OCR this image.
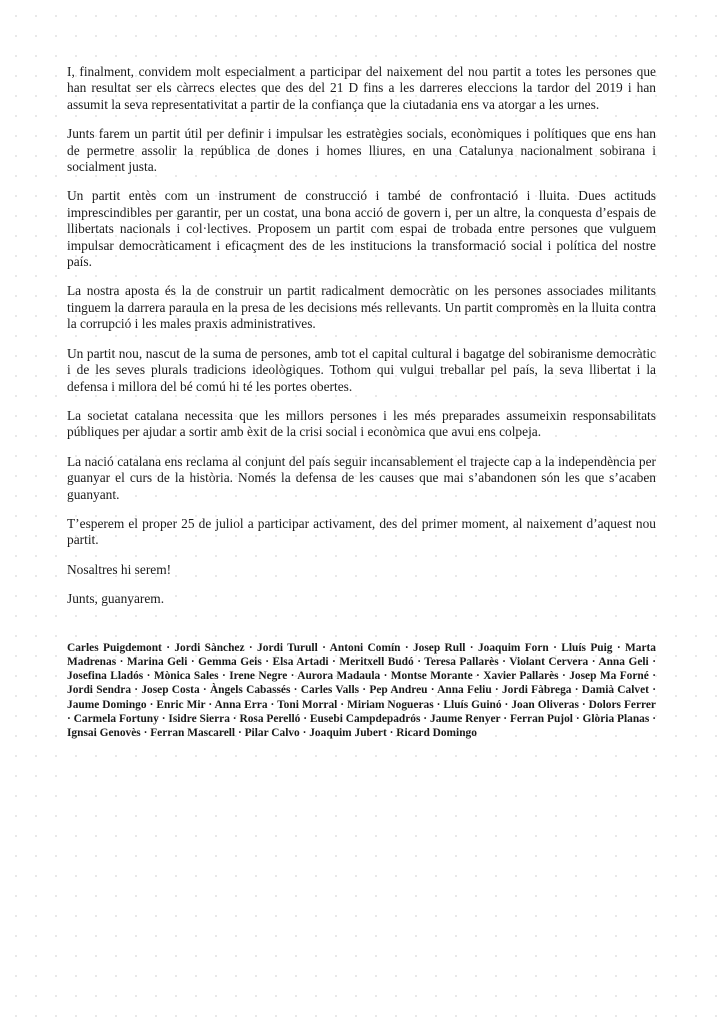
I, finalment, convidem molt especialment a participar del naixement del nou partit a totes les persones que han resultat ser els càrrecs electes que des del 21 D fins a les darreres eleccions la tardor del 2019 i han assumit la seva representativitat a partir de la confiança que la ciutadania ens va atorgar a les urnes.

Junts farem un partit útil per definir i impulsar les estratègies socials, econòmiques i polítiques que ens han de permetre assolir la república de dones i homes lliures, en una Catalunya nacionalment sobirana i socialment justa.

Un partit entès com un instrument de construcció i també de confrontació i lluita. Dues actituds imprescindibles per garantir, per un costat, una bona acció de govern i, per un altre, la conquesta d’espais de llibertats nacionals i col·lectives. Proposem un partit com espai de trobada entre persones que vulguem impulsar democràticament i eficaçment des de les institucions la transformació social i política del nostre país.

La nostra aposta és la de construir un partit radicalment democràtic on les persones associades militants tinguem la darrera paraula en la presa de les decisions més rellevants. Un partit compromès en la lluita contra la corrupció i les males praxis administratives.

Un partit nou, nascut de la suma de persones, amb tot el capital cultural i bagatge del sobiranisme democràtic i de les seves plurals tradicions ideològiques. Tothom qui vulgui treballar pel país, la seva llibertat i la defensa i millora del bé comú hi té les portes obertes.

La societat catalana necessita que les millors persones i les més preparades assumeixin responsabilitats públiques per ajudar a sortir amb èxit de la crisi social i econòmica que avui ens colpeja.

La nació catalana ens reclama al conjunt del país seguir incansablement el trajecte cap a la independència per guanyar el curs de la història. Només la defensa de les causes que mai s’abandonen són les que s’acaben guanyant.

T’esperem el proper 25 de juliol a participar activament, des del primer moment, al naixement d’aquest nou partit.

Nosaltres hi serem!

Junts, guanyarem.

Carles Puigdemont · Jordi Sànchez · Jordi Turull · Antoni Comín · Josep Rull · Joaquim Forn · Lluís Puig · Marta Madrenas · Marina Geli · Gemma Geis · Elsa Artadi · Meritxell Budó · Teresa Pallarès · Violant Cervera · Anna Geli · Josefina Lladós · Mònica Sales · Irene Negre · Aurora Madaula · Montse Morante · Xavier Pallarès · Josep Ma Forné · Jordi Sendra · Josep Costa · Àngels Cabassés · Carles Valls · Pep Andreu · Anna Feliu · Jordi Fàbrega · Damià Calvet · Jaume Domingo · Enric Mir · Anna Erra · Toni Morral · Miriam Nogueras · Lluís Guinó · Joan Oliveras · Dolors Ferrer · Carmela Fortuny · Isidre Sierra · Rosa Perelló · Eusebi Campdepadrós · Jaume Renyer · Ferran Pujol · Glòria Planas · Ignsai Genovès · Ferran Mascarell · Pilar Calvo · Joaquim Jubert · Ricard Domingo
